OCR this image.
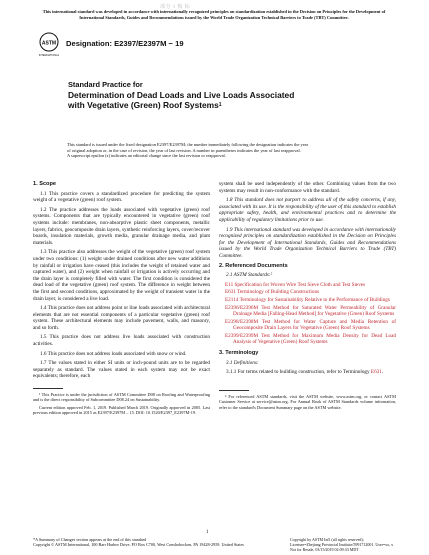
部分 1 购 标
This international standard was developed in accordance with internationally recognized principles on standardization established in the Decision on Principles for the Development of International Standards, Guides and Recommendations issued by the World Trade Organization Technical Barriers to Trade (TBT) Committee.
ASTM
INTERNATIONAL
Designation: E2397/E2397M − 19
Standard Practice for
Determination of Dead Loads and Live Loads Associated
with Vegetative (Green) Roof Systems$^1$

This standard is issued under the fixed designation E2397/E2397M; the number immediately following the designation indicates the year

of original adoption or, in the case of revision, the year of last revision. A number in parentheses indicates the year of last reapproval.

A superscript epsilon (ε) indicates an editorial change since the last revision or reapproval.

1. Scope

1.1 This practice covers a standardized procedure for predicting the system weight of a vegetative (green) roof system.

1.2 The practice addresses the loads associated with vegetative (green) roof systems. Components that are typically encountered in vegetative (green) roof systems include: membranes, non-absorptive plastic sheet components, metallic layers, fabrics, geocomposite drain layers, synthetic reinforcing layers, cover/recover boards, insulation materials, growth media, granular drainage media, and plant materials.

1.3 This practice also addresses the weight of the vegetative (green) roof system under two conditions: (1) weight under drained conditions after new water additions by rainfall or irrigation have ceased (this includes the weight of retained water and captured water), and (2) weight when rainfall or irrigation is actively occurring and the drain layer is completely filled with water. The first condition is considered the dead load of the vegetative (green) roof system. The difference in weight between the first and second conditions, approximated by the weight of transient water in the drain layer, is considered a live load.

1.4 This practice does not address point or line loads associated with architectural elements that are not essential components of a particular vegetative (green) roof system. These architectural elements may include pavement, walls, and masonry, and so forth.

1.5 This practice does not address live loads associated with construction activities.

1.6 This practice does not address loads associated with snow or wind.

1.7 The values stated in either SI units or inch-pound units are to be regarded separately as standard. The values stated in each system may not be exact equivalents; therefore, each

¹ This Practice is under the jurisdiction of ASTM Committee D08 on Roofing and Waterproofing and is the direct responsibility of Subcommittee D08.24 on Sustainability.

Current edition approved Feb. 1, 2019. Published March 2019. Originally approved in 2005. Last previous edition approved in 2015 as E2397/E2397M – 15. DOI: 10.1520/E2397_E2397M-19.

system shall be used independently of the other. Combining values from the two systems may result in non-conformance with the standard.

1.8 This standard does not purport to address all of the safety concerns, if any, associated with its use. It is the responsibility of the user of this standard to establish appropriate safety, health, and environmental practices and to determine the applicability of regulatory limitations prior to use.

1.9 This international standard was developed in accordance with internationally recognized principles on standardization established in the Decision on Principles for the Development of International Standards, Guides and Recommendations issued by the World Trade Organization Technical Barriers to Trade (TBT) Committee.

2. Referenced Documents

2.1 ASTM Standards:²

E11 Specification for Woven Wire Test Sieve Cloth and Test Sieves
E631 Terminology of Building Constructions
E2114 Terminology for Sustainability Relative to the Performance of Buildings
E2396/E2396M Test Method for Saturated Water Permeability of Granular Drainage Media [Falling-Head Method] for Vegetative (Green) Roof Systems
E2398/E2398M Test Method for Water Capture and Media Retention of Geocomposite Drain Layers for Vegetative (Green) Roof Systems
E2399/E2399M Test Method for Maximum Media Density for Dead Load Analysis of Vegetative (Green) Roof Systems

3. Terminology

3.1 Definitions:

3.1.1 For terms related to building construction, refer to Terminology E631.

² For referenced ASTM standards, visit the ASTM website, www.astm.org, or contact ASTM Customer Service at service@astm.org. For Annual Book of ASTM Standards volume information, refer to the standard's Document Summary page on the ASTM website.

*A Summary of Changes section appears at the end of this standard
Copyright © ASTM International, 100 Barr Harbor Drive, PO Box C700, West Conshohocken, PA 19428-2959. United States
1
Copyright by ASTM Int'l (all rights reserved);
Licensee=Zhejiang Provincial Institute/5991712001. User=xx, x
Not for Resale, 03/15/2019 02:09:33 MDT
